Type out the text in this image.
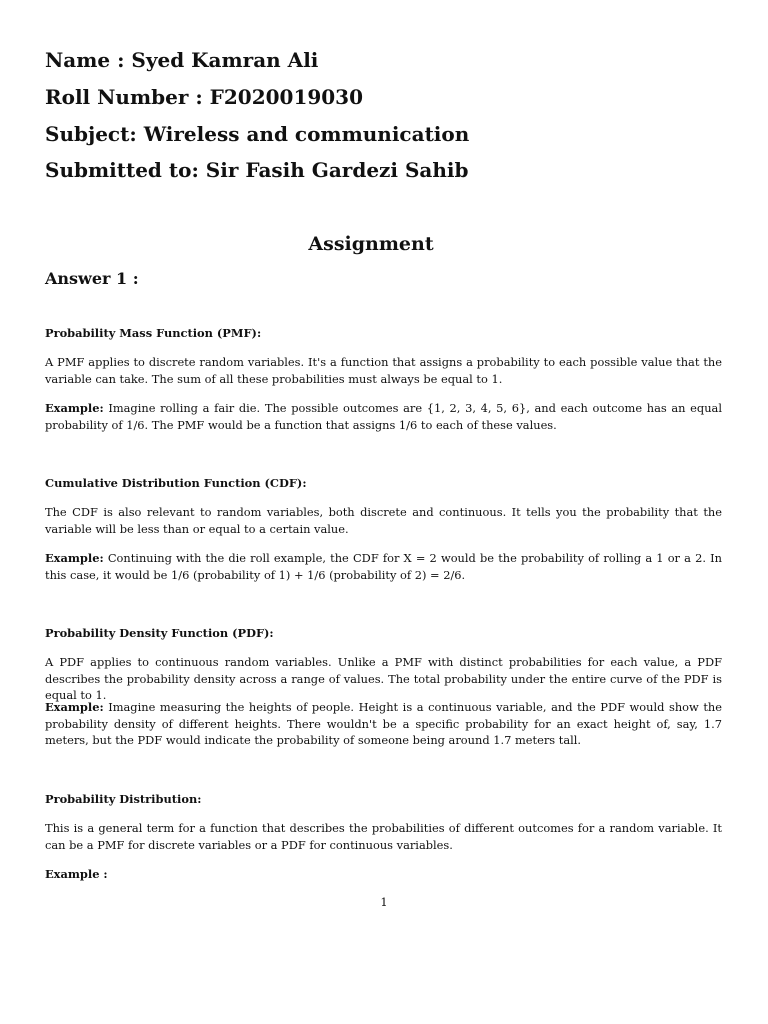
Name : Syed Kamran Ali
Roll Number : F2020019030
Subject: Wireless and communication
Submitted to: Sir Fasih Gardezi Sahib
Assignment
Answer 1 :
Probability Mass Function (PMF):

A PMF applies to discrete random variables. It's a function that assigns a probability to each possible value that the variable can take. The sum of all these probabilities must always be equal to 1.

Example: Imagine rolling a fair die. The possible outcomes are {1, 2, 3, 4, 5, 6}, and each outcome has an equal probability of 1/6. The PMF would be a function that assigns 1/6 to each of these values.

Cumulative Distribution Function (CDF):

The CDF is also relevant to random variables, both discrete and continuous. It tells you the probability that the variable will be less than or equal to a certain value.

Example: Continuing with the die roll example, the CDF for X = 2 would be the probability of rolling a 1 or a 2. In this case, it would be 1/6 (probability of 1) + 1/6 (probability of 2) = 2/6.

Probability Density Function (PDF):

A PDF applies to continuous random variables. Unlike a PMF with distinct probabilities for each value, a PDF describes the probability density across a range of values. The total probability under the entire curve of the PDF is equal to 1.

Example: Imagine measuring the heights of people. Height is a continuous variable, and the PDF would show the probability density of different heights. There wouldn't be a specific probability for an exact height of, say, 1.7 meters, but the PDF would indicate the probability of someone being around 1.7 meters tall.

Probability Distribution:

This is a general term for a function that describes the probabilities of different outcomes for a random variable. It can be a PMF for discrete variables or a PDF for continuous variables.

Example :

1
